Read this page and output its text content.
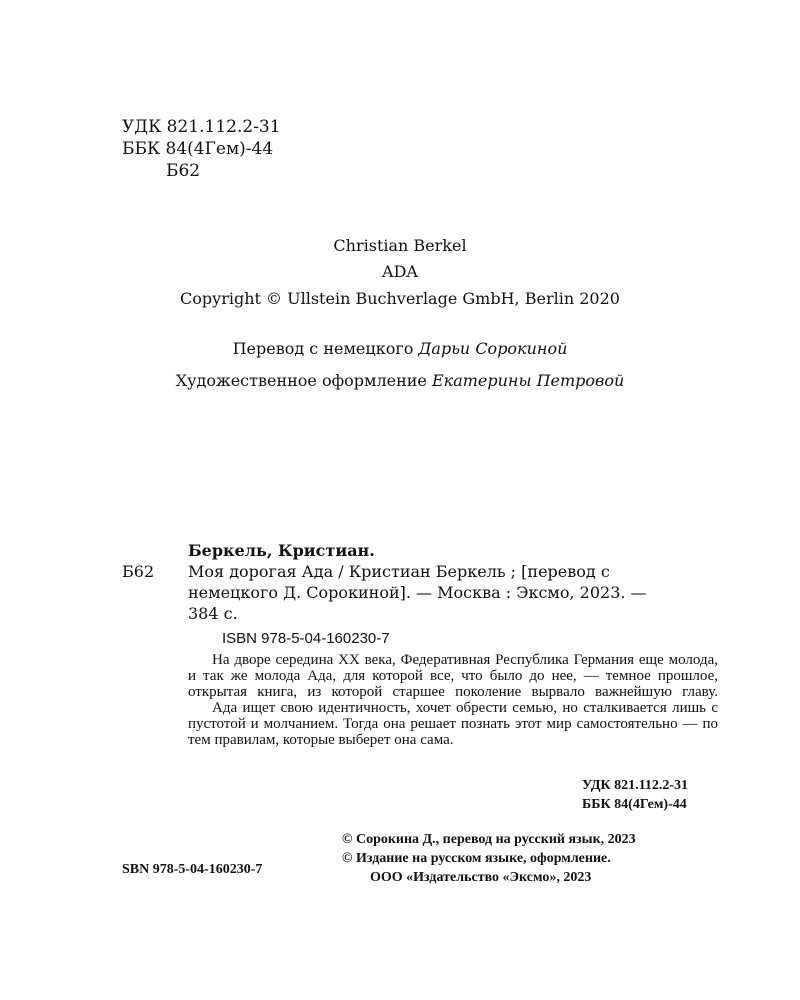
УДК 821.112.2-31
ББК 84(4Гем)-44
Б62
Christian Berkel
ADA
Copyright © Ullstein Buchverlage GmbH, Berlin 2020
Перевод с немецкого Дарьи Сорокиной
Художественное оформление Екатерины Петровой
Беркель, Кристиан.
Б62 Моя дорогая Ада / Кристиан Беркель ; [перевод с
немецкого Д. Сорокиной]. — Москва : Эксмо, 2023. —
384 с.
ISBN 978-5-04-160230-7
На дворе середина XX века, Федеративная Республика Германия еще молода, и так же молода Ада, для которой все, что было до нее, — темное прошлое, открытая книга, из которой старшее поколение вырвало важнейшую главу.
Ада ищет свою идентичность, хочет обрести семью, но сталкивается лишь с пустотой и молчанием. Тогда она решает познать этот мир самостоятельно — по тем правилам, которые выберет она сама.
УДК 821.112.2-31
ББК 84(4Гем)-44
SBN 978-5-04-160230-7
© Сорокина Д., перевод на русский язык, 2023
© Издание на русском языке, оформление.
ООО «Издательство «Эксмо», 2023
